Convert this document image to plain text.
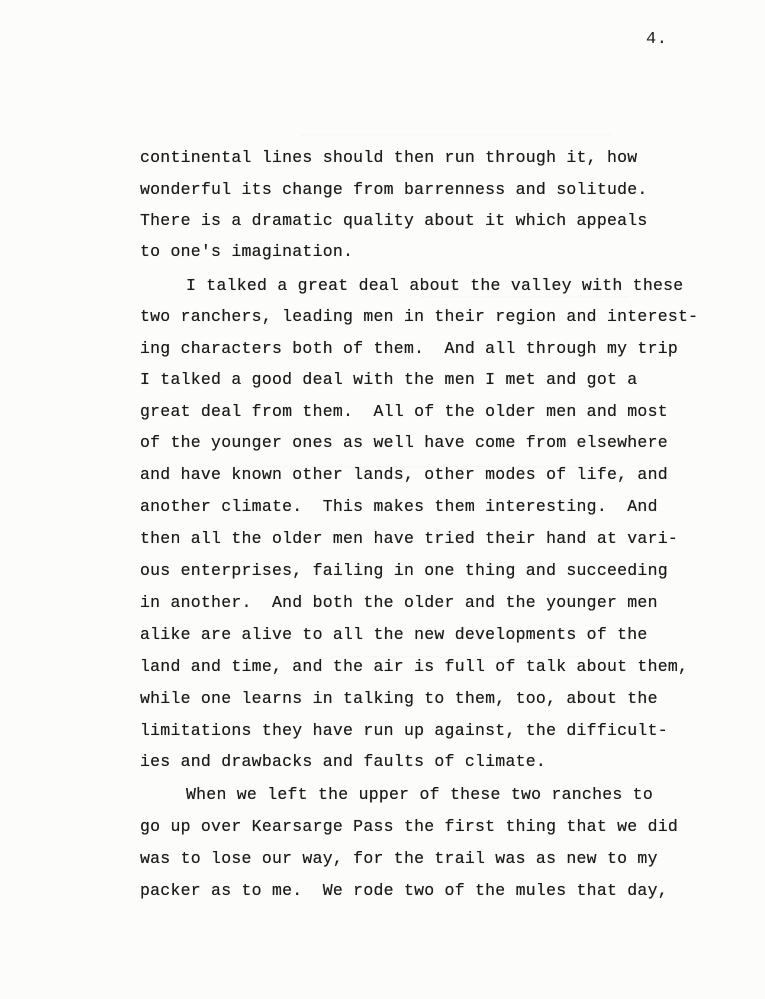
4.
continental lines should then run through it, how
wonderful its change from barrenness and solitude.
There is a dramatic quality about it which appeals
to one's imagination.
I talked a great deal about the valley with these
two ranchers, leading men in their region and interest-
ing characters both of them.  And all through my trip
I talked a good deal with the men I met and got a
great deal from them.  All of the older men and most
of the younger ones as well have come from elsewhere
and have known other lands, other modes of life, and
another climate.  This makes them interesting.  And
then all the older men have tried their hand at vari-
ous enterprises, failing in one thing and succeeding
in another.  And both the older and the younger men
alike are alive to all the new developments of the
land and time, and the air is full of talk about them,
while one learns in talking to them, too, about the
limitations they have run up against, the difficult-
ies and drawbacks and faults of climate.
When we left the upper of these two ranches to
go up over Kearsarge Pass the first thing that we did
was to lose our way, for the trail was as new to my
packer as to me.  We rode two of the mules that day,
